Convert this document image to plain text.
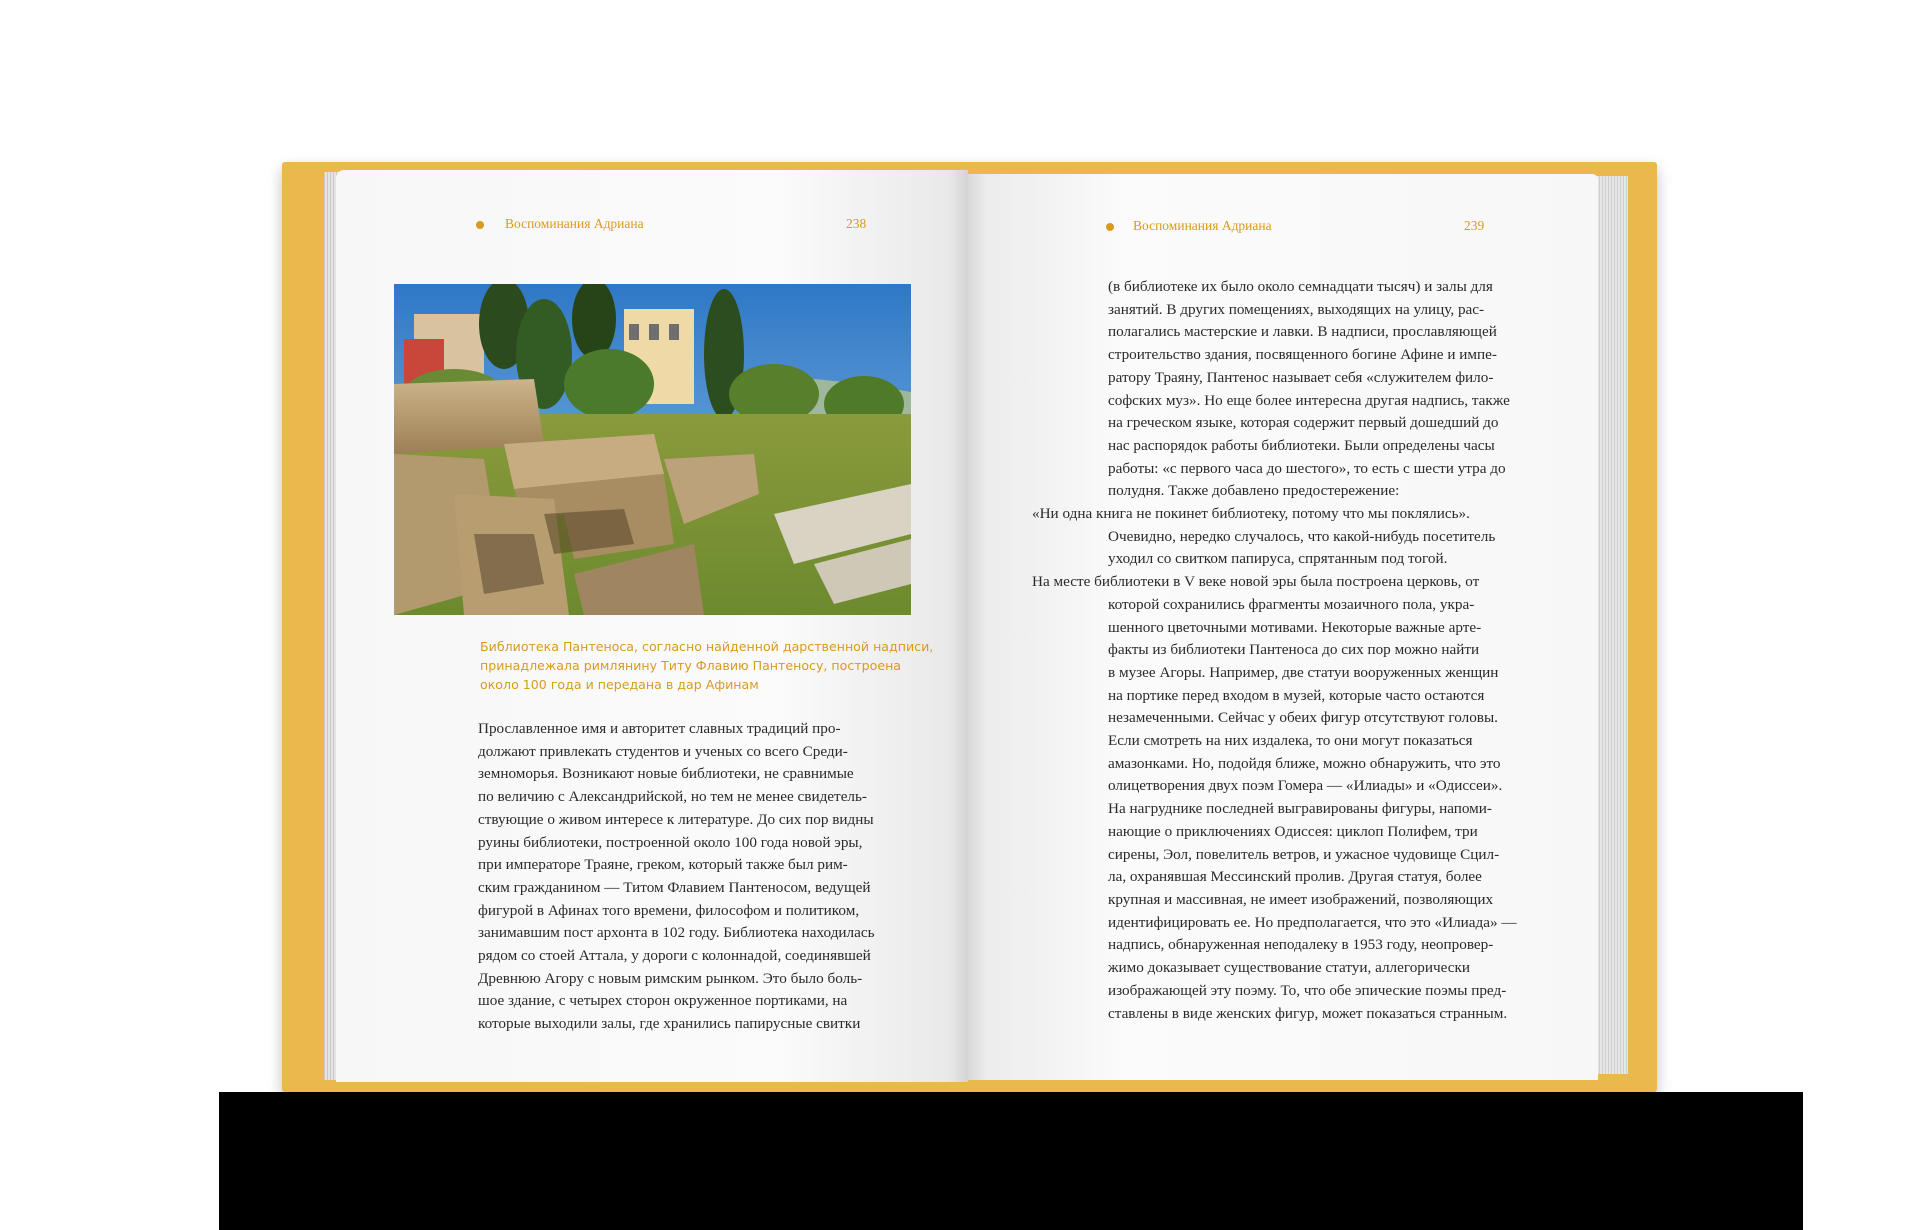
Воспоминания Адриана	238	Воспоминания Адриана	239
Библиотека Пантеноса, согласно найденной дарственной надписи,
принадлежала римлянину Титу Флавию Пантеносу, построена
около 100 года и передана в дар Афинам
Прославленное имя и авторитет славных традиций про-
должают привлекать студентов и ученых со всего Среди-
земноморья. Возникают новые библиотеки, не сравнимые
по величию с Александрийской, но тем не менее свидетель-
ствующие о живом интересе к литературе. До сих пор видны
руины библиотеки, построенной около 100 года новой эры,
при императоре Траяне, греком, который также был рим-
ским гражданином — Титом Флавием Пантеносом, ведущей
фигурой в Афинах того времени, философом и политиком,
занимавшим пост архонта в 102 году. Библиотека находилась
рядом со стоей Аттала, у дороги с колоннадой, соединявшей
Древнюю Агору с новым римским рынком. Это было боль-
шое здание, с четырех сторон окруженное портиками, на
которые выходили залы, где хранились папирусные свитки
(в библиотеке их было около семнадцати тысяч) и залы для
занятий. В других помещениях, выходящих на улицу, рас-
полагались мастерские и лавки. В надписи, прославляющей
строительство здания, посвященного богине Афине и импе-
ратору Траяну, Пантенос называет себя «служителем фило-
софских муз». Но еще более интересна другая надпись, также
на греческом языке, которая содержит первый дошедший до
нас распорядок работы библиотеки. Были определены часы
работы: «с первого часа до шестого», то есть с шести утра до
полудня. Также добавлено предостережение:
«Ни одна книга не покинет библиотеку, потому что мы поклялись».
Очевидно, нередко случалось, что какой-нибудь посетитель
уходил со свитком папируса, спрятанным под тогой.
На месте библиотеки в V веке новой эры была построена церковь, от
которой сохранились фрагменты мозаичного пола, укра-
шенного цветочными мотивами. Некоторые важные арте-
факты из библиотеки Пантеноса до сих пор можно найти
в музее Агоры. Например, две статуи вооруженных женщин
на портике перед входом в музей, которые часто остаются
незамеченными. Сейчас у обеих фигур отсутствуют головы.
Если смотреть на них издалека, то они могут показаться
амазонками. Но, подойдя ближе, можно обнаружить, что это
олицетворения двух поэм Гомера — «Илиады» и «Одиссеи».
На нагруднике последней выгравированы фигуры, напоми-
нающие о приключениях Одиссея: циклоп Полифем, три
сирены, Эол, повелитель ветров, и ужасное чудовище Сцил-
ла, охранявшая Мессинский пролив. Другая статуя, более
крупная и массивная, не имеет изображений, позволяющих
идентифицировать ее. Но предполагается, что это «Илиада» —
надпись, обнаруженная неподалеку в 1953 году, неопровер-
жимо доказывает существование статуи, аллегорически
изображающей эту поэму. То, что обе эпические поэмы пред-
ставлены в виде женских фигур, может показаться странным.
